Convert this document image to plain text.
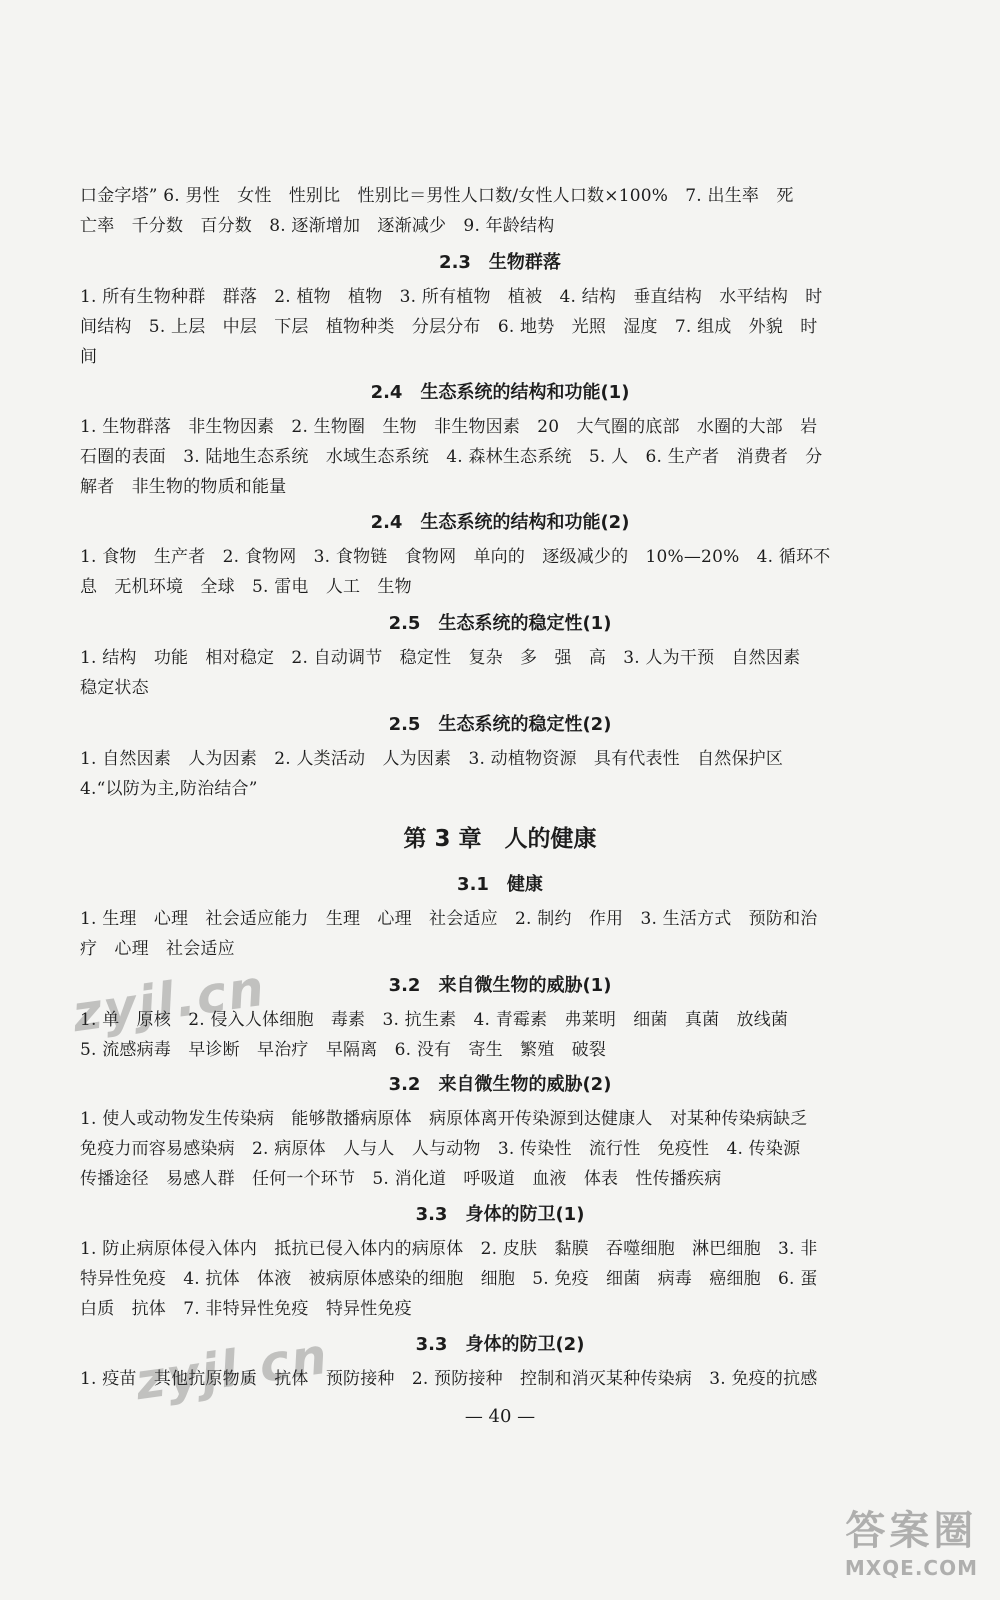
口金字塔” 6. 男性　女性　性别比　性别比＝男性人口数/女性人口数×100%　7. 出生率　死
亡率　千分数　百分数　8. 逐渐增加　逐渐减少　9. 年龄结构
2.3　生物群落
1. 所有生物种群　群落　2. 植物　植物　3. 所有植物　植被　4. 结构　垂直结构　水平结构　时
间结构　5. 上层　中层　下层　植物种类　分层分布　6. 地势　光照　湿度　7. 组成　外貌　时
间
2.4　生态系统的结构和功能(1)
1. 生物群落　非生物因素　2. 生物圈　生物　非生物因素　20　大气圈的底部　水圈的大部　岩
石圈的表面　3. 陆地生态系统　水域生态系统　4. 森林生态系统　5. 人　6. 生产者　消费者　分
解者　非生物的物质和能量
2.4　生态系统的结构和功能(2)
1. 食物　生产者　2. 食物网　3. 食物链　食物网　单向的　逐级减少的　10%—20%　4. 循环不
息　无机环境　全球　5. 雷电　人工　生物
2.5　生态系统的稳定性(1)
1. 结构　功能　相对稳定　2. 自动调节　稳定性　复杂　多　强　高　3. 人为干预　自然因素
稳定状态
2.5　生态系统的稳定性(2)
1. 自然因素　人为因素　2. 人类活动　人为因素　3. 动植物资源　具有代表性　自然保护区
4.“以防为主,防治结合”
第 3 章　人的健康
3.1　健康
1. 生理　心理　社会适应能力　生理　心理　社会适应　2. 制约　作用　3. 生活方式　预防和治
疗　心理　社会适应
3.2　来自微生物的威胁(1)
1. 单　原核　2. 侵入人体细胞　毒素　3. 抗生素　4. 青霉素　弗莱明　细菌　真菌　放线菌
5. 流感病毒　早诊断　早治疗　早隔离　6. 没有　寄生　繁殖　破裂
3.2　来自微生物的威胁(2)
1. 使人或动物发生传染病　能够散播病原体　病原体离开传染源到达健康人　对某种传染病缺乏
免疫力而容易感染病　2. 病原体　人与人　人与动物　3. 传染性　流行性　免疫性　4. 传染源
传播途径　易感人群　任何一个环节　5. 消化道　呼吸道　血液　体表　性传播疾病
3.3　身体的防卫(1)
1. 防止病原体侵入体内　抵抗已侵入体内的病原体　2. 皮肤　黏膜　吞噬细胞　淋巴细胞　3. 非
特异性免疫　4. 抗体　体液　被病原体感染的细胞　细胞　5. 免疫　细菌　病毒　癌细胞　6. 蛋
白质　抗体　7. 非特异性免疫　特异性免疫
3.3　身体的防卫(2)
1. 疫苗　其他抗原物质　抗体　预防接种　2. 预防接种　控制和消灭某种传染病　3. 免疫的抗感
— 40 —
zyjl.cn
zyjl.cn
答案圈
MXQE.COM
